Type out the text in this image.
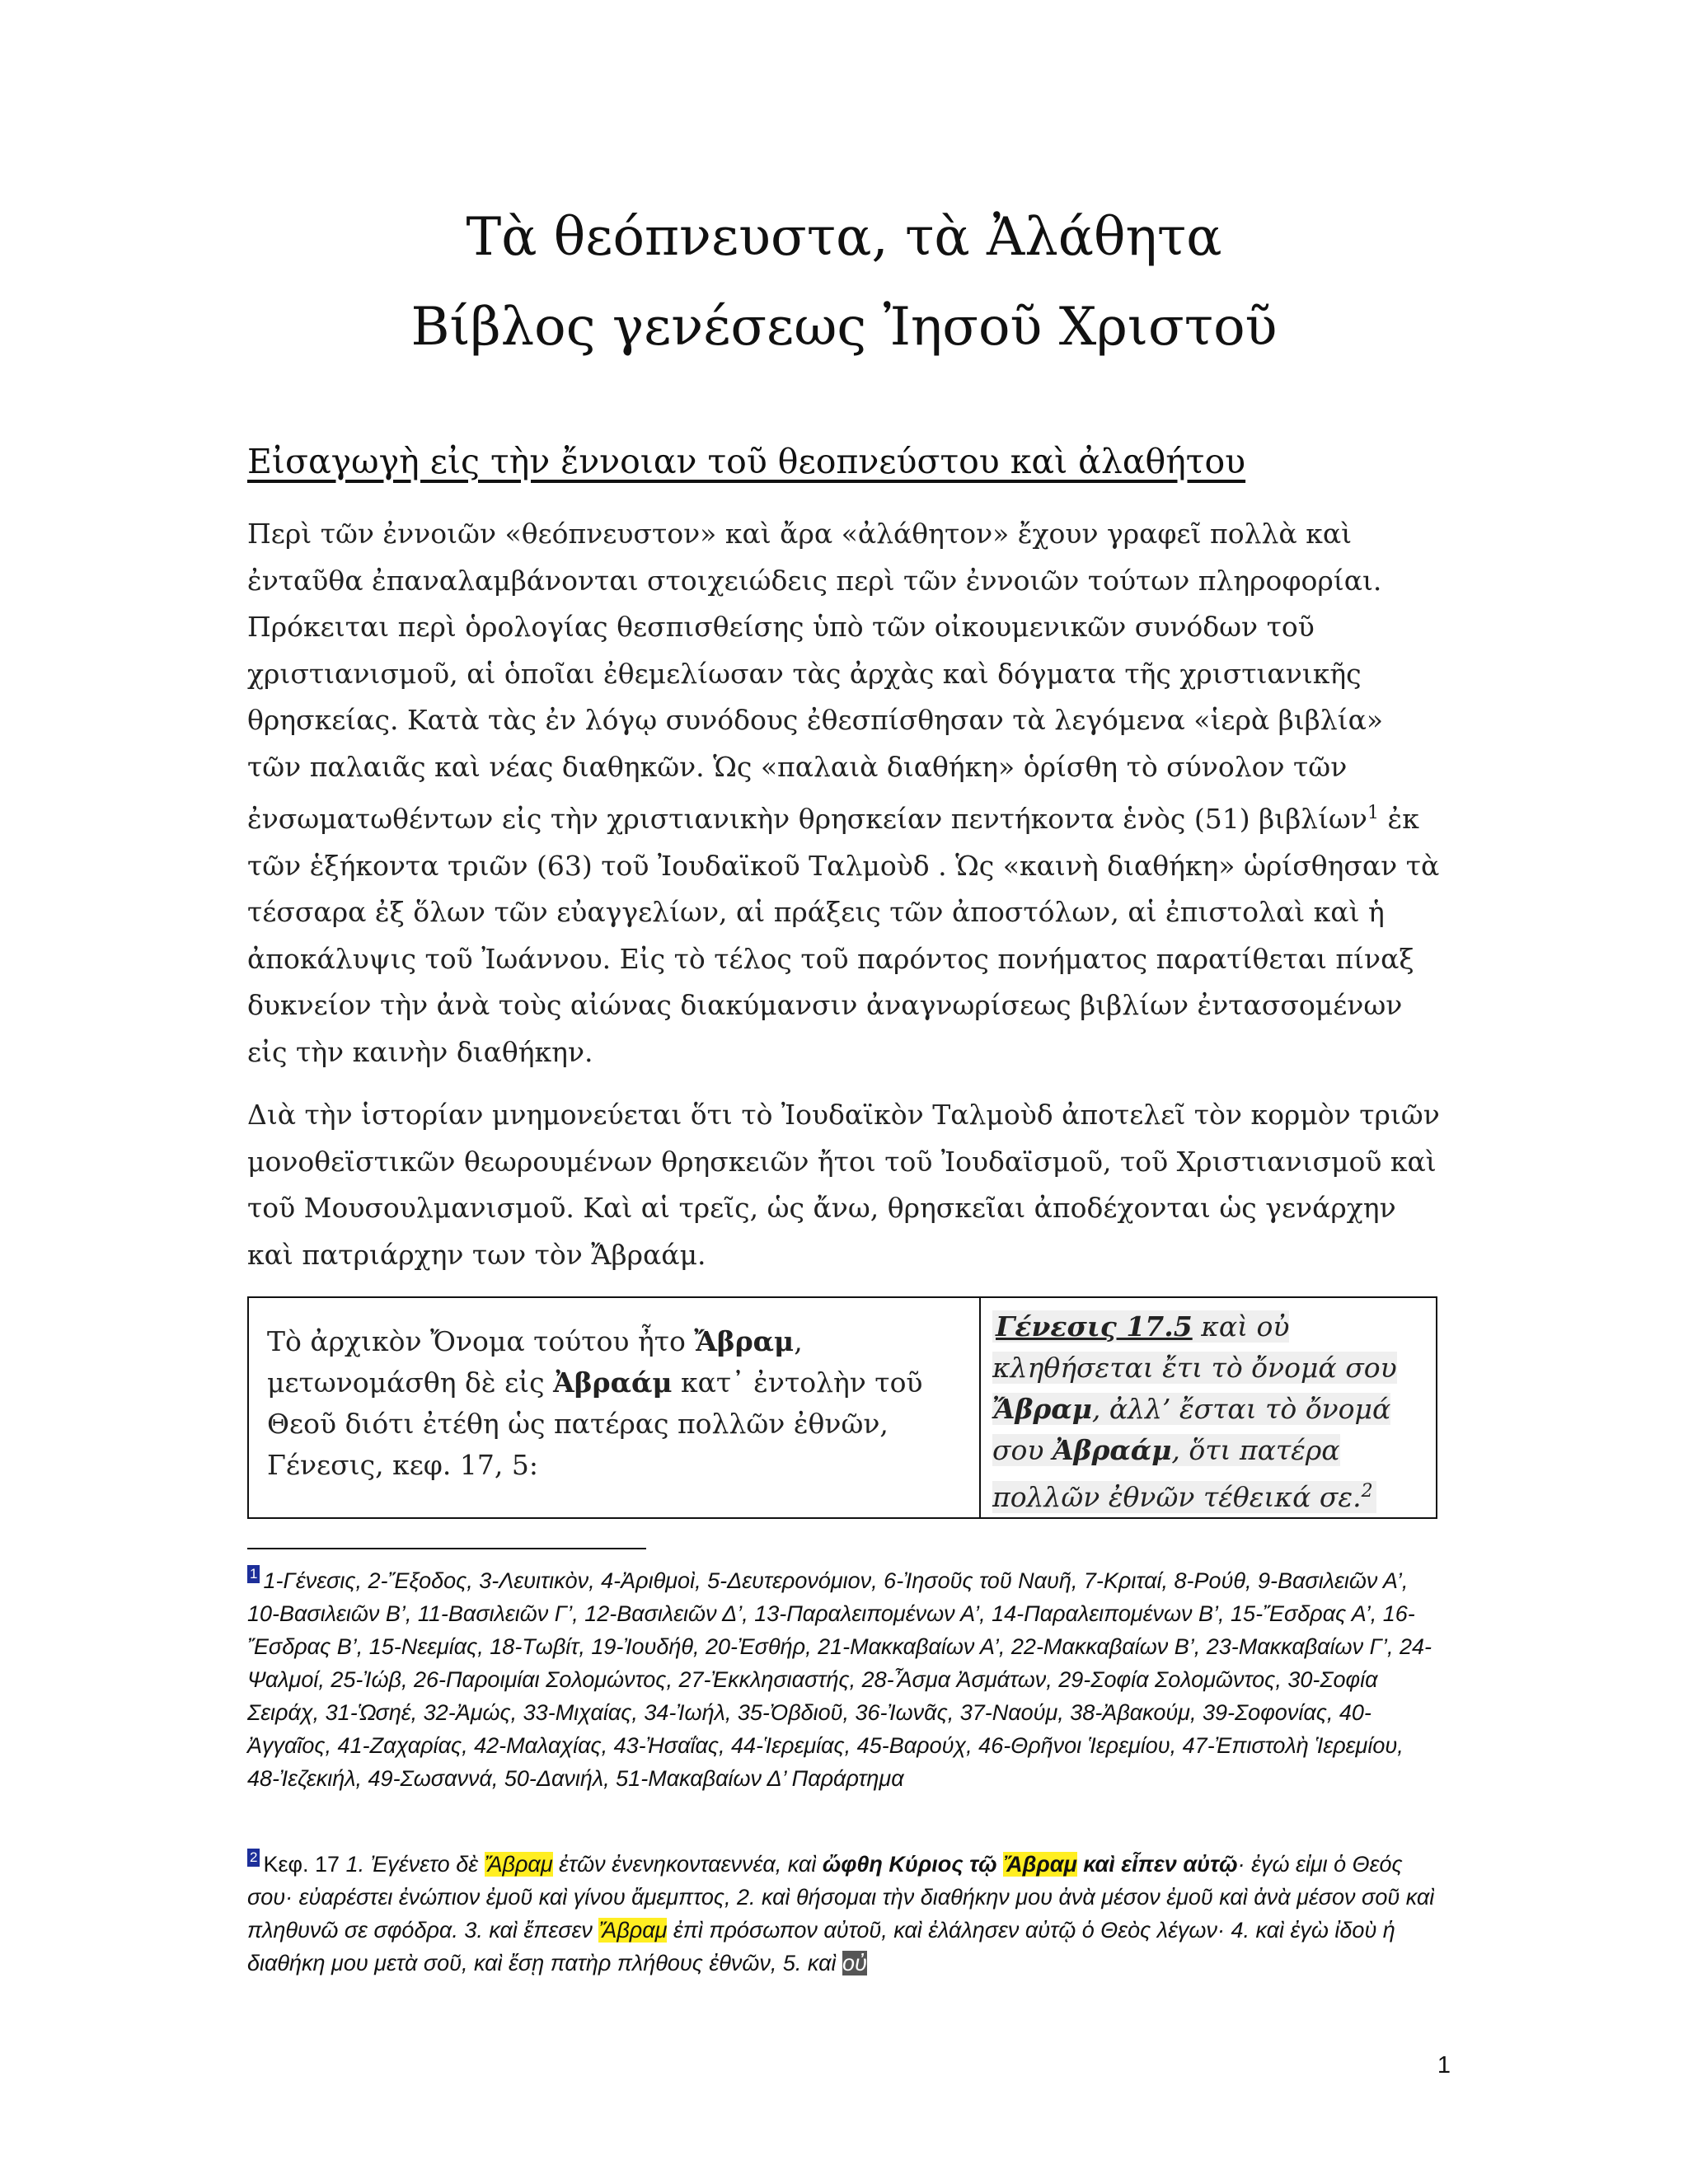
Τὰ θεόπνευστα, τὰ Ἀλάθητα
Βίβλος γενέσεως Ἰησοῦ Χριστοῦ
Εἰσαγωγὴ εἰς τὴν ἔννοιαν τοῦ θεοπνεύστου καὶ ἀλαθήτου

Περὶ τῶν ἐννοιῶν «θεόπνευστον» καὶ ἄρα «ἀλάθητον» ἔχουν γραφεῖ πολλὰ καὶ ἐνταῦθα ἐπαναλαμβάνονται στοιχειώδεις περὶ τῶν ἐννοιῶν τούτων πληροφορίαι. Πρόκειται περὶ ὁρολογίας θεσπισθείσης ὑπὸ τῶν οἰκουμενικῶν συνόδων τοῦ χριστιανισμοῦ, αἱ ὁποῖαι ἐθεμελίωσαν τὰς ἀρχὰς καὶ δόγματα τῆς χριστιανικῆς θρησκείας. Κατὰ τὰς ἐν λόγῳ συνόδους ἐθεσπίσθησαν τὰ λεγόμενα «ἱερὰ βιβλία» τῶν παλαιᾶς καὶ νέας διαθηκῶν. Ὡς «παλαιὰ διαθήκη» ὁρίσθη τὸ σύνολον τῶν ἐνσωματωθέντων εἰς τὴν χριστιανικὴν θρησκείαν πεντήκοντα ἑνὸς (51) βιβλίων$^1$ ἐκ τῶν ἑξήκοντα τριῶν (63) τοῦ Ἰουδαϊκοῦ Ταλμοὺδ . Ὡς «καινὴ διαθήκη» ὡρίσθησαν τὰ τέσσαρα ἐξ ὅλων τῶν εὐαγγελίων, αἱ πράξεις τῶν ἀποστόλων, αἱ ἐπιστολαὶ καὶ ἡ ἀποκάλυψις τοῦ Ἰωάννου. Εἰς τὸ τέλος τοῦ παρόντος πονήματος παρατίθεται πίναξ δυκνείον τὴν ἀνὰ τοὺς αἰώνας διακύμανσιν ἀναγνωρίσεως βιβλίων ἐντασσομένων εἰς τὴν καινὴν διαθήκην.

Διὰ τὴν ἱστορίαν μνημονεύεται ὅτι τὸ Ἰουδαϊκὸν Ταλμοὺδ ἀποτελεῖ τὸν κορμὸν τριῶν μονοθεϊστικῶν θεωρουμένων θρησκειῶν ἤτοι τοῦ Ἰουδαϊσμοῦ, τοῦ Χριστιανισμοῦ καὶ τοῦ Μουσουλμανισμοῦ. Καὶ αἱ τρεῖς, ὡς ἄνω, θρησκεῖαι ἀποδέχονται ὡς γενάρχην καὶ πατριάρχην των τὸν Ἄβραάμ.

Τὸ ἀρχικὸν Ὄνομα τούτου ἦτο Ἄβραμ, μετωνομάσθη δὲ εἰς Ἀβραάμ κατ᾽ ἐντολὴν τοῦ Θεοῦ διότι ἐτέθη ὡς πατέρας πολλῶν ἐθνῶν, Γένεσις, κεφ. 17, 5:
Γένεσις 17.5 καὶ οὐ κληθήσεται ἔτι τὸ ὄνομά σου Ἄβραμ, ἀλλ’ ἔσται τὸ ὄνομά σου Ἀβραάμ, ὅτι πατέρα πολλῶν ἐθνῶν τέθεικά σε.$^2$

1 1-Γένεσις, 2-Ἔξοδος, 3-Λευιτικὸν, 4-Ἀριθμοὶ, 5-Δευτερονόμιον, 6-Ἰησοῦς τοῦ Ναυῆ, 7-Κριταί, 8-Ρούθ, 9-Βασιλειῶν Α’, 10-Βασιλειῶν Β’, 11-Βασιλειῶν Γ’, 12-Βασιλειῶν Δ’, 13-Παραλειπομένων Α’, 14-Παραλειπομένων Β’, 15-Ἔσδρας Α’, 16-Ἔσδρας Β’, 15-Νεεμίας, 18-Τωβίτ, 19-Ἰουδήθ, 20-Ἐσθήρ, 21-Μακκαβαίων Α’, 22-Μακκαβαίων Β’, 23-Μακκαβαίων Γ’, 24-Ψαλμοί, 25-Ἰώβ, 26-Παροιμίαι Σολομώντος, 27-Ἐκκλησιαστής, 28-Ἆσμα Ἀσμάτων, 29-Σοφία Σολομῶντος, 30-Σοφία Σειράχ, 31-Ὡσηέ, 32-Ἀμώς, 33-Μιχαίας, 34-Ἰωήλ, 35-Ὀβδιοῦ, 36-Ἰωνᾶς, 37-Ναούμ, 38-Ἀβακούμ, 39-Σοφονίας, 40-Ἀγγαῖος, 41-Ζαχαρίας, 42-Μαλαχίας, 43-Ἠσαΐας, 44-Ἱερεμίας, 45-Βαρούχ, 46-Θρῆνοι Ἱερεμίου, 47-Ἐπιστολὴ Ἱερεμίου, 48-Ἰεζεκιήλ, 49-Σωσαννά, 50-Δανιήλ, 51-Μακαβαίων Δ’ Παράρτημα

2 Κεφ. 17 1. Ἐγένετο δὲ Ἄβραμ ἐτῶν ἐνενηκονταεννέα, καὶ ὤφθη Κύριος τῷ Ἄβραμ καὶ εἶπεν αὐτῷ· ἐγώ εἰμι ὁ Θεός σου· εὐαρέστει ἐνώπιον ἐμοῦ καὶ γίνου ἄμεμπτος, 2. καὶ θήσομαι τὴν διαθήκην μου ἀνὰ μέσον ἐμοῦ καὶ ἀνὰ μέσον σοῦ καὶ πληθυνῶ σε σφόδρα. 3. καὶ ἔπεσεν Ἄβραμ ἐπὶ πρόσωπον αὐτοῦ, καὶ ἐλάλησεν αὐτῷ ὁ Θεὸς λέγων· 4. καὶ ἐγὼ ἰδοὺ ἡ διαθήκη μου μετὰ σοῦ, καὶ ἔσῃ πατὴρ πλήθους ἐθνῶν, 5. καὶ οὐ

1
